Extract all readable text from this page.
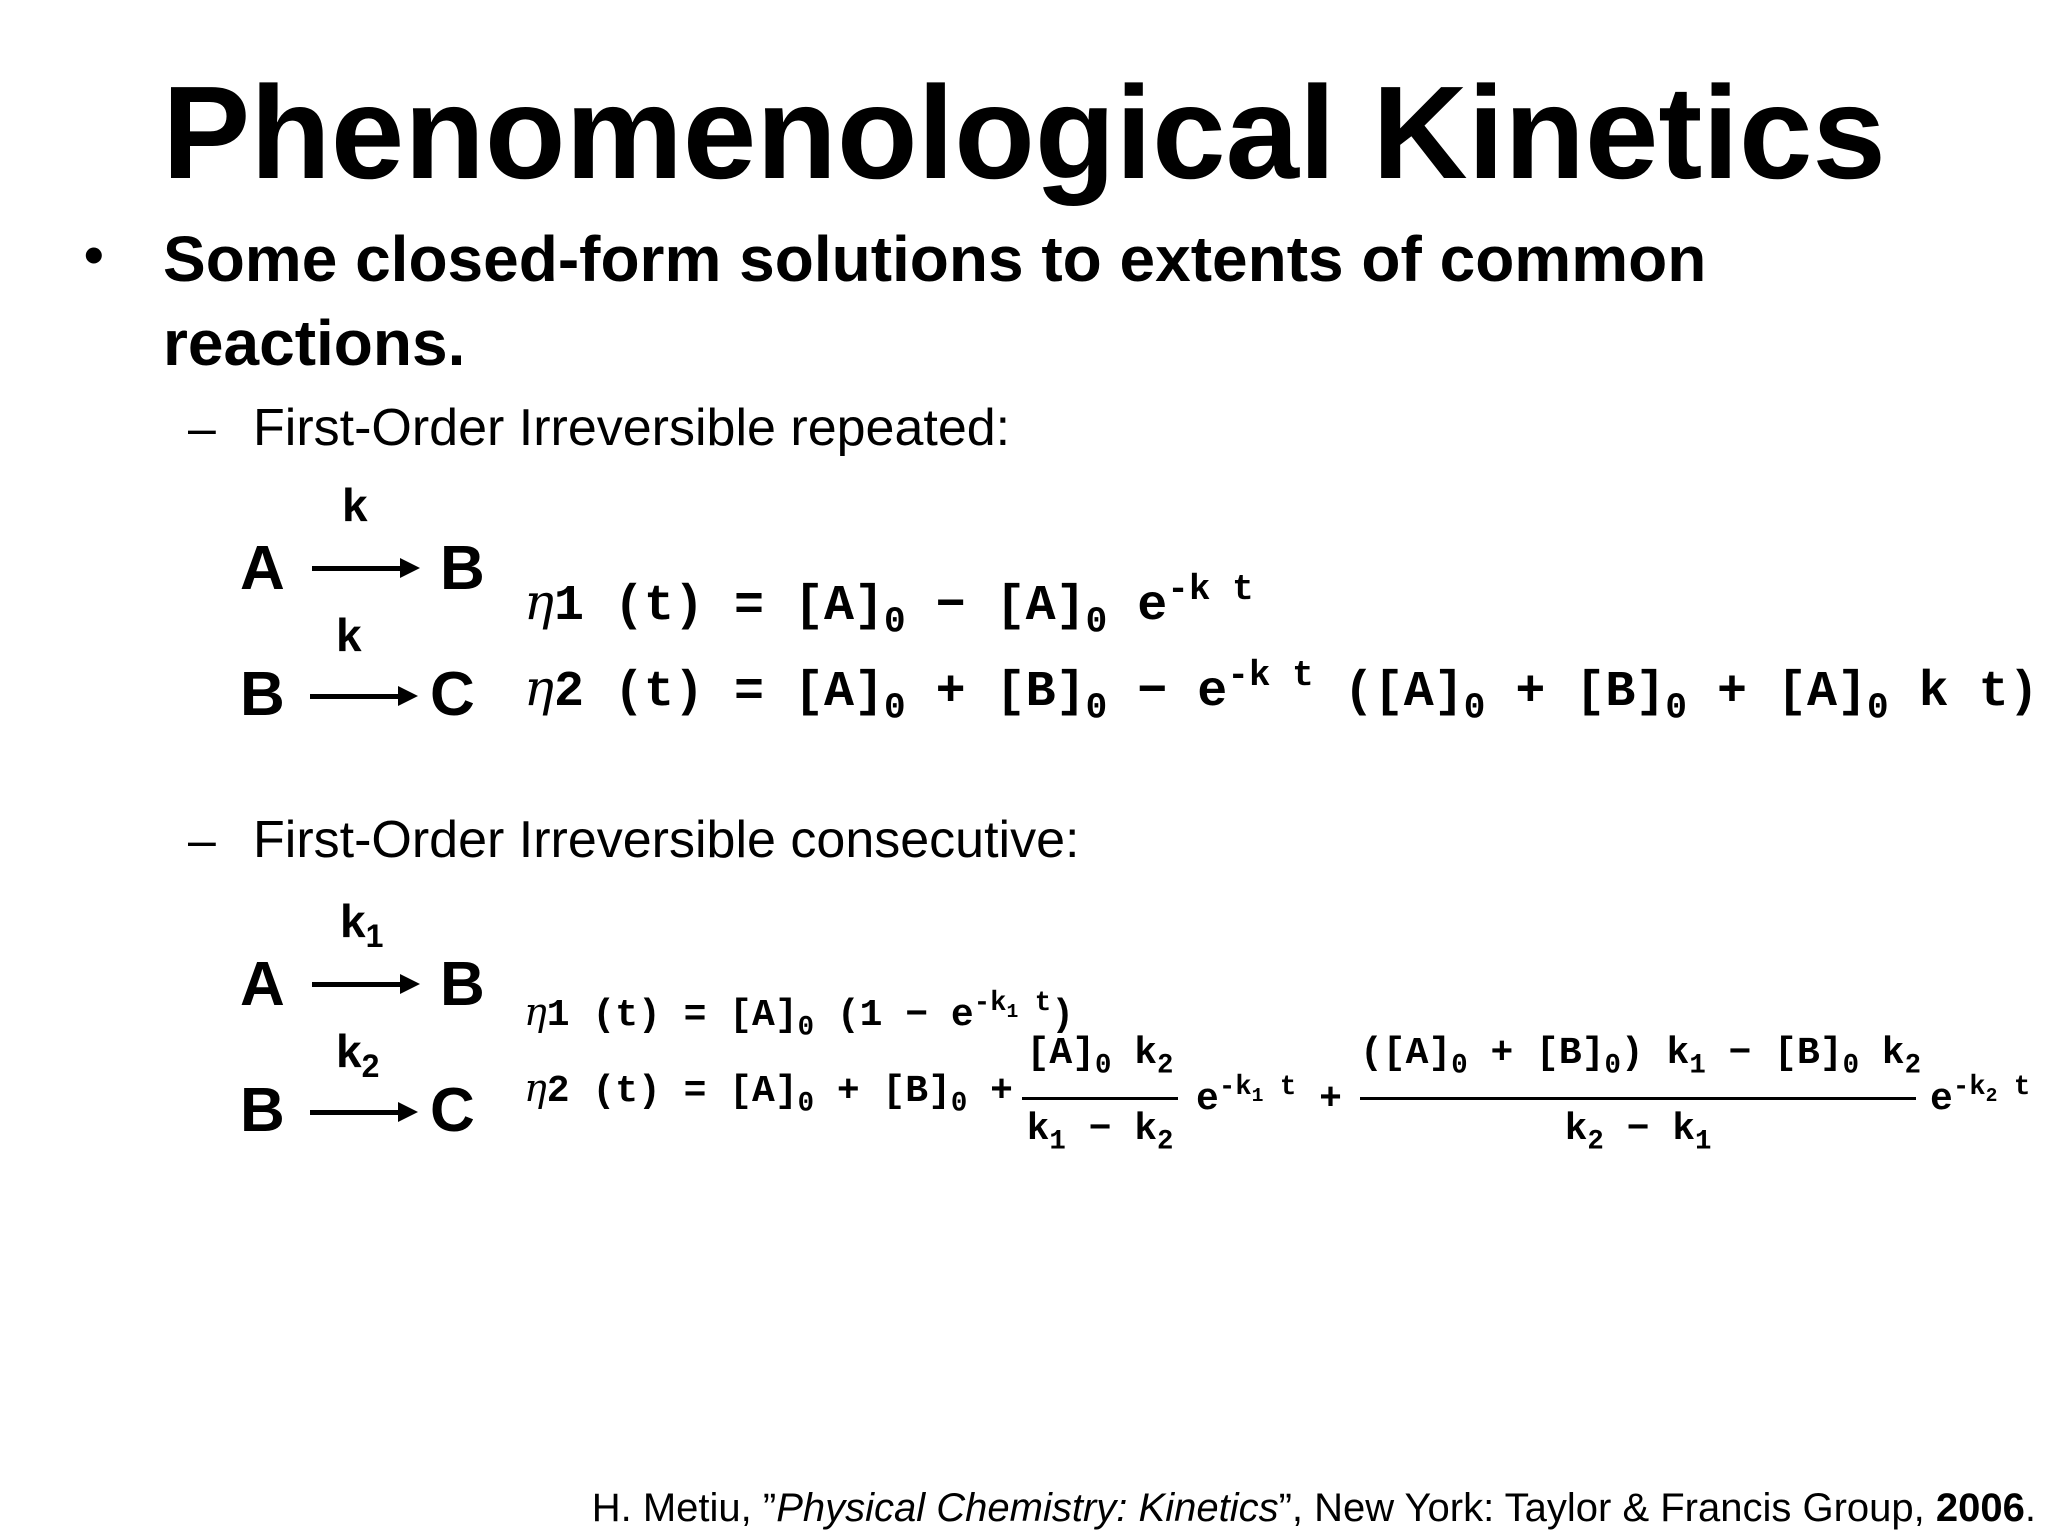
Phenomenological Kinetics
• Some closed-form solutions to extents of common reactions.
– First-Order Irreversible repeated:
A
k
B
B
k
C
η1 $(t) = [A]_0 - [A]_0$ $e^{-k t}$
η2 $(t) = [A]_0 + [B]_0 - e^{-k t}$ ($[A]_0 + [B]_0 + [A]_0$ k t)
– First-Order Irreversible consecutive:
A
$k_1$
B
B
$k_2$
C
η1 $(t) = [A]_0$ $(1 - e^{-k_1 t})$
η2 $(t) = [A]_0 + [B]_0$ +
$[A]_0$ $k_2$
$k_1 - k_2$
$e^{-k_1 t}$ +
$([A]_0 + [B]_0) k_1 - [B]_0$ $k_2$
$k_2 - k_1$
$e^{-k_2 t}$
H. Metiu, ”Physical Chemistry: Kinetics”, New York: Taylor & Francis Group, 2006.
